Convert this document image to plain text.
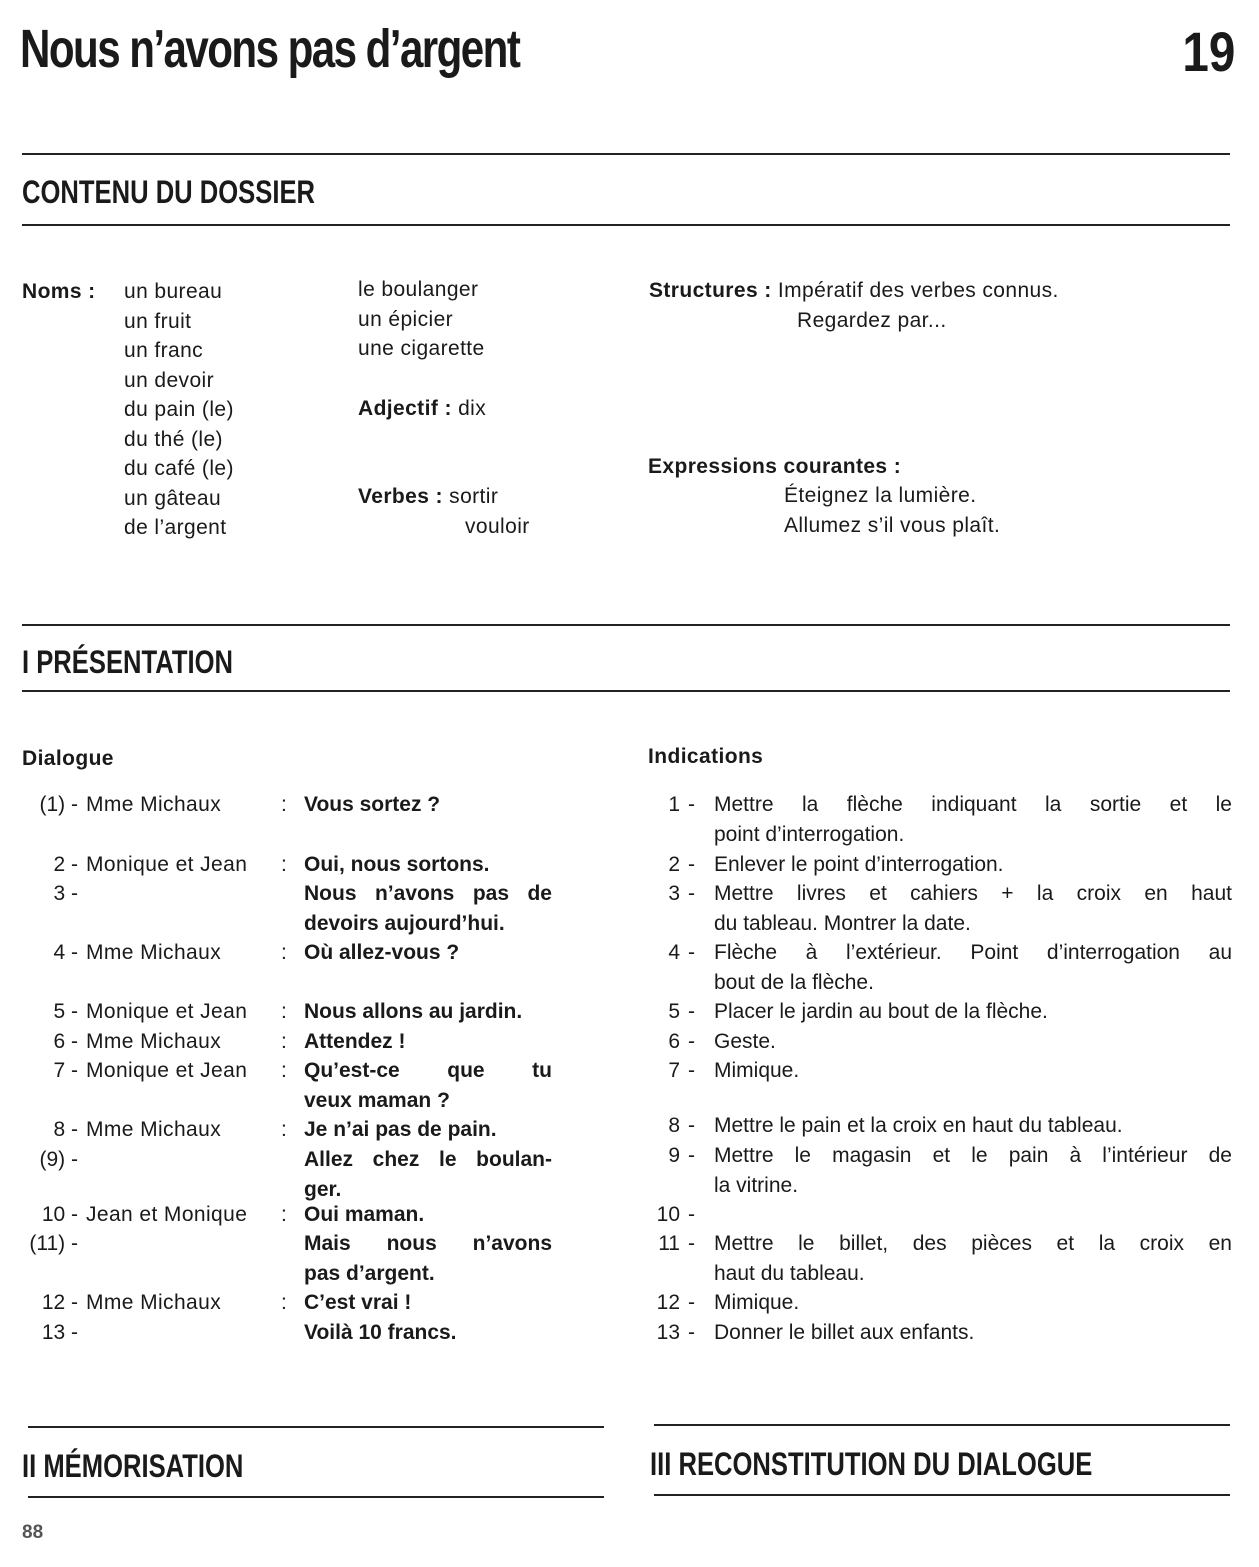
Nous n’avons pas d’argent	19
CONTENU DU DOSSIER
Noms : un bureau
un fruit
un franc
un devoir
du pain (le)
du thé (le)
du café (le)
un gâteau
de l’argent
le boulanger
un épicier
une cigarette
Adjectif : dix
Verbes : sortir
vouloir
Structures : Impératif des verbes connus.
Regardez par...
Expressions courantes :
Éteignez la lumière.
Allumez s’il vous plaît.
I PRÉSENTATION
Dialogue	Indications
(1) - Mme Michaux	: Vous sortez ?
2 - Monique et Jean : Oui, nous sortons.
3 -	Nous n’avons pas de
devoirs aujourd’hui.
4 - Mme Michaux	: Où allez-vous ?
5 - Monique et Jean : Nous allons au jardin.
6 - Mme Michaux	: Attendez !
7 - Monique et Jean : Qu’est-ce que tu
veux maman ?
8 - Mme Michaux	: Je n’ai pas de pain.
(9) -	Allez chez le boulan-
ger.
10 - Jean et Monique : Oui maman.
(11) -	Mais nous n’avons
pas d’argent.
12 - Mme Michaux	: C’est vrai !
13 -	Voilà 10 francs.
1 - Mettre la flèche indiquant la sortie et le
point d’interrogation.
2 - Enlever le point d’interrogation.
3 - Mettre livres et cahiers + la croix en haut
du tableau. Montrer la date.
4 - Flèche à l’extérieur. Point d’interrogation au
bout de la flèche.
5 - Placer le jardin au bout de la flèche.
6 - Geste.
7 - Mimique.
8 - Mettre le pain et la croix en haut du tableau.
9 - Mettre le magasin et le pain à l’intérieur de
la vitrine.
10 -
11 - Mettre le billet, des pièces et la croix en
haut du tableau.
12 - Mimique.
13 - Donner le billet aux enfants.
II MÉMORISATION	III RECONSTITUTION DU DIALOGUE
88
